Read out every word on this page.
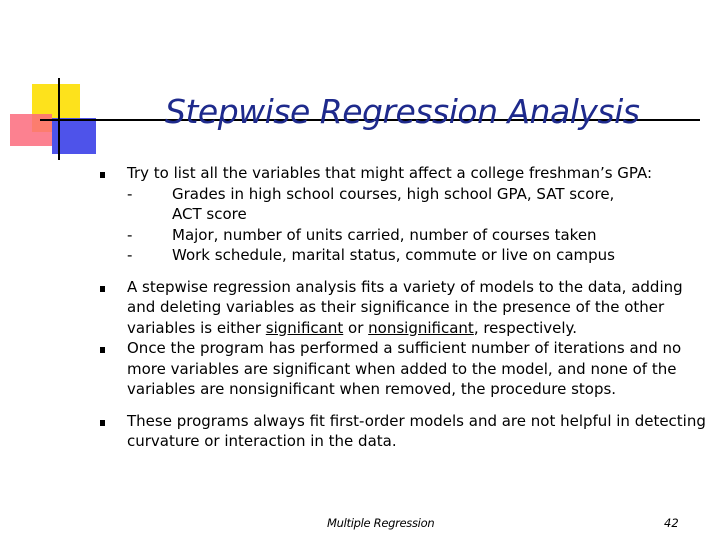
Stepwise Regression Analysis
Try to list all the variables that might affect a college freshman’s GPA:
-	Grades in high school courses, high school GPA, SAT score,
ACT score
-	Major, number of units carried, number of courses taken
-	Work schedule, marital status, commute or live on campus
A stepwise regression analysis fits a variety of models to the data, adding and deleting variables as their significance in the presence of the other variables is either significant or nonsignificant, respectively.
Once the program has performed a sufficient number of iterations and no more variables are significant when added to the model, and none of the variables are nonsignificant when removed, the procedure stops.
These programs always fit first-order models and are not helpful in detecting curvature or interaction in the data.
Multiple Regression	42
